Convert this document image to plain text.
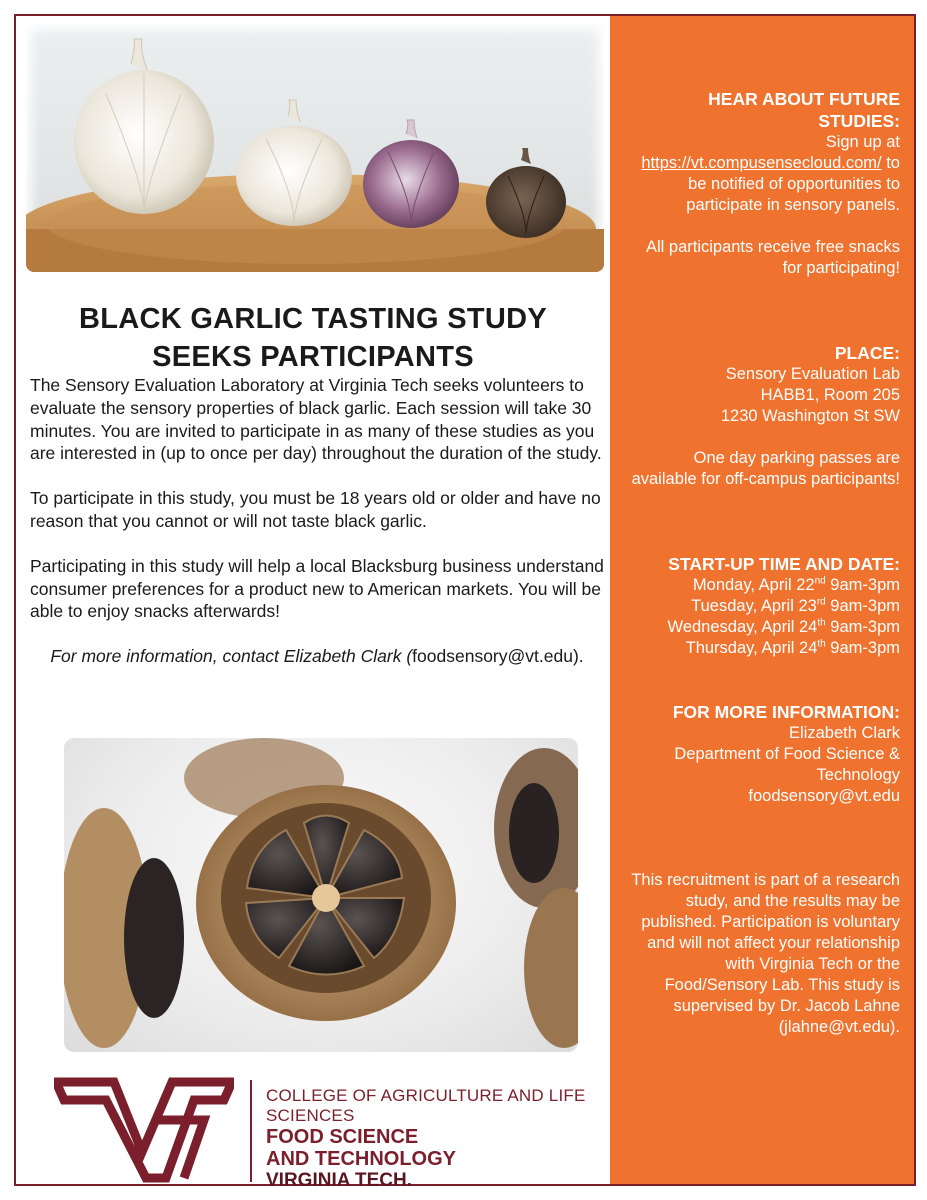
BLACK GARLIC TASTING STUDY
SEEKS PARTICIPANTS

The Sensory Evaluation Laboratory at Virginia Tech seeks volunteers to evaluate the sensory properties of black garlic. Each session will take 30 minutes. You are invited to participate in as many of these studies as you are interested in (up to once per day) throughout the duration of the study.

To participate in this study, you must be 18 years old or older and have no reason that you cannot or will not taste black garlic.

Participating in this study will help a local Blacksburg business understand consumer preferences for a product new to American markets. You will be able to enjoy snacks afterwards!

For more information, contact Elizabeth Clark (foodsensory@vt.edu).
COLLEGE OF AGRICULTURE AND LIFE SCIENCES
FOOD SCIENCE
AND TECHNOLOGY
VIRGINIA TECH.
HEAR ABOUT FUTURE STUDIES:
Sign up at
https://vt.compusensecloud.com/ to be notified of opportunities to participate in sensory panels.
All participants receive free snacks for participating!
PLACE:
Sensory Evaluation Lab
HABB1, Room 205
1230 Washington St SW
One day parking passes are available for off-campus participants!
START-UP TIME AND DATE:
Monday, April 22nd 9am-3pm
Tuesday, April 23rd 9am-3pm
Wednesday, April 24th 9am-3pm
Thursday, April 24th 9am-3pm
FOR MORE INFORMATION:
Elizabeth Clark
Department of Food Science & Technology
foodsensory@vt.edu
This recruitment is part of a research study, and the results may be published. Participation is voluntary and will not affect your relationship with Virginia Tech or the Food/Sensory Lab. This study is supervised by Dr. Jacob Lahne (jlahne@vt.edu).
